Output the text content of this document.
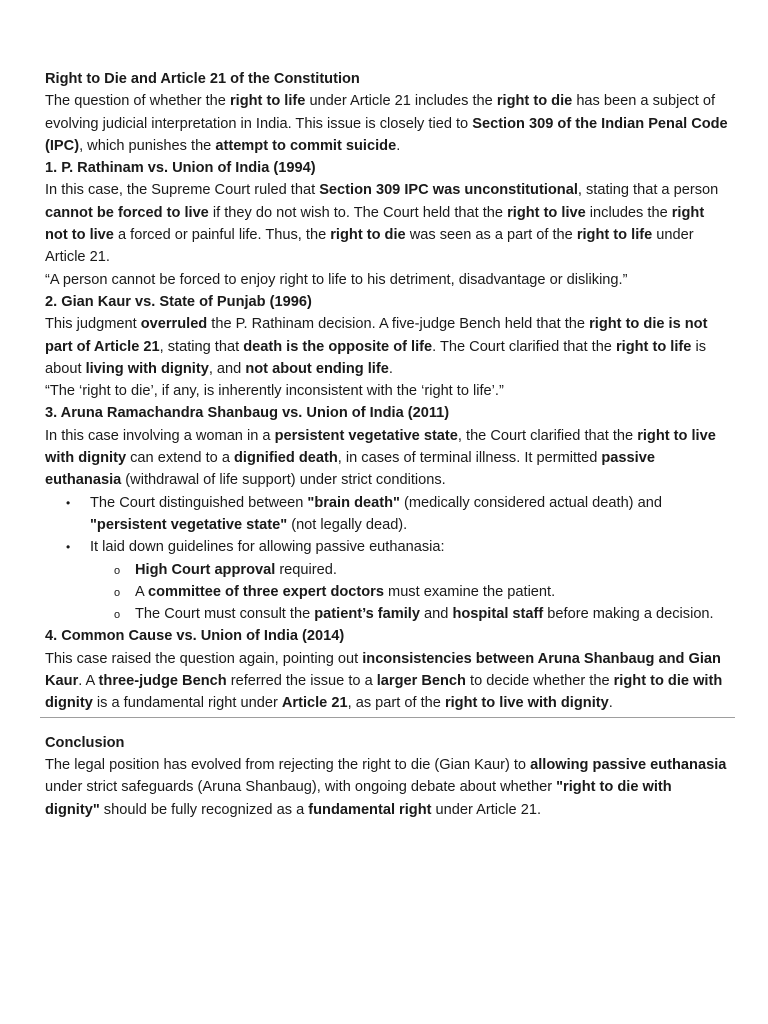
Right to Die and Article 21 of the Constitution

The question of whether the right to life under Article 21 includes the right to die has been a subject of evolving judicial interpretation in India. This issue is closely tied to Section 309 of the Indian Penal Code (IPC), which punishes the attempt to commit suicide.

1. P. Rathinam vs. Union of India (1994)

In this case, the Supreme Court ruled that Section 309 IPC was unconstitutional, stating that a person cannot be forced to live if they do not wish to. The Court held that the right to live includes the right not to live a forced or painful life. Thus, the right to die was seen as a part of the right to life under Article 21.

“A person cannot be forced to enjoy right to life to his detriment, disadvantage or disliking.”

2. Gian Kaur vs. State of Punjab (1996)

This judgment overruled the P. Rathinam decision. A five-judge Bench held that the right to die is not part of Article 21, stating that death is the opposite of life. The Court clarified that the right to life is about living with dignity, and not about ending life.

“The ‘right to die’, if any, is inherently inconsistent with the ‘right to life’.”

3. Aruna Ramachandra Shanbaug vs. Union of India (2011)

In this case involving a woman in a persistent vegetative state, the Court clarified that the right to live with dignity can extend to a dignified death, in cases of terminal illness. It permitted passive euthanasia (withdrawal of life support) under strict conditions.

• The Court distinguished between "brain death" (medically considered actual death) and "persistent vegetative state" (not legally dead).
• It laid down guidelines for allowing passive euthanasia:
o High Court approval required.
o A committee of three expert doctors must examine the patient.
o The Court must consult the patient’s family and hospital staff before making a decision.

4. Common Cause vs. Union of India (2014)

This case raised the question again, pointing out inconsistencies between Aruna Shanbaug and Gian Kaur. A three-judge Bench referred the issue to a larger Bench to decide whether the right to die with dignity is a fundamental right under Article 21, as part of the right to live with dignity.

Conclusion

The legal position has evolved from rejecting the right to die (Gian Kaur) to allowing passive euthanasia under strict safeguards (Aruna Shanbaug), with ongoing debate about whether "right to die with dignity" should be fully recognized as a fundamental right under Article 21.
